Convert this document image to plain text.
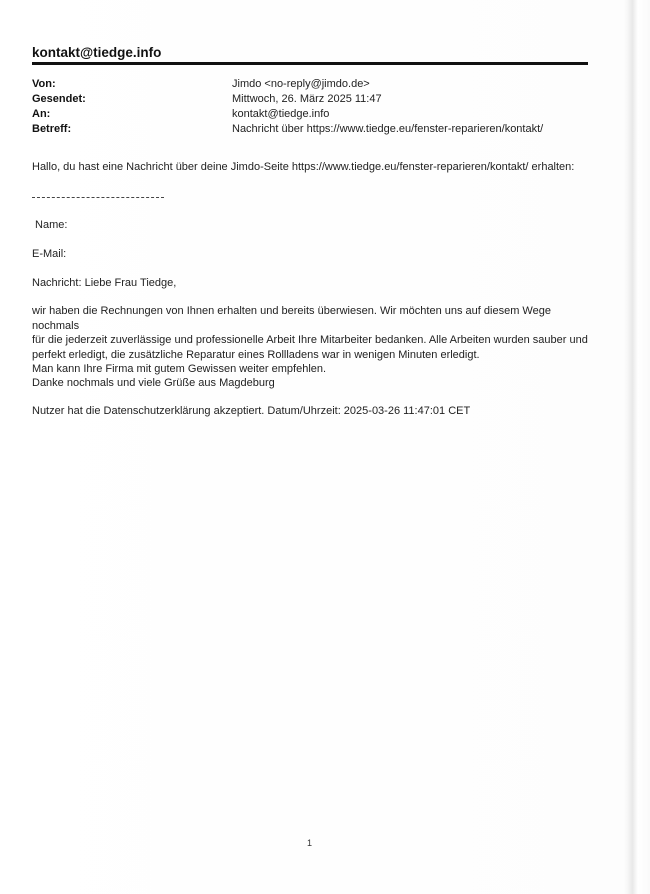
kontakt@tiedge.info
Von:	Jimdo <no-reply@jimdo.de>
Gesendet:	Mittwoch, 26. März 2025 11:47
An:	kontakt@tiedge.info
Betreff:	Nachricht über https://www.tiedge.eu/fenster-reparieren/kontakt/
Hallo, du hast eine Nachricht über deine Jimdo-Seite https://www.tiedge.eu/fenster-reparieren/kontakt/ erhalten:
Name:
E-Mail:
Nachricht: Liebe Frau Tiedge,
wir haben die Rechnungen von Ihnen erhalten und bereits überwiesen. Wir möchten uns auf diesem Wege nochmals
für die jederzeit zuverlässige und professionelle Arbeit Ihre Mitarbeiter bedanken. Alle Arbeiten wurden sauber und
perfekt erledigt, die zusätzliche Reparatur eines Rollladens war in wenigen Minuten erledigt.
Man kann Ihre Firma mit gutem Gewissen weiter empfehlen.
Danke nochmals und viele Grüße aus Magdeburg
Nutzer hat die Datenschutzerklärung akzeptiert. Datum/Uhrzeit: 2025-03-26 11:47:01 CET
1
